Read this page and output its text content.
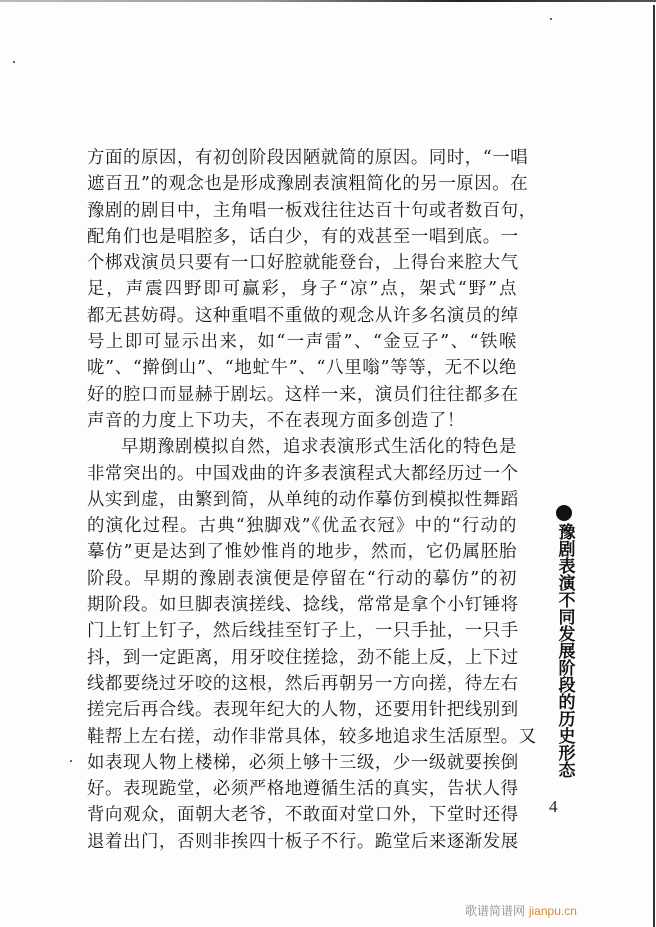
方面的原因，有初创阶段因陋就简的原因。同时，“一唱
遮百丑”的观念也是形成豫剧表演粗简化的另一原因。在
豫剧的剧目中，主角唱一板戏往往达百十句或者数百句，
配角们也是唱腔多，话白少，有的戏甚至一唱到底。一
个梆戏演员只要有一口好腔就能登台，上得台来腔大气
足，声震四野即可赢彩，身子“凉”点，架式“野”点
都无甚妨碍。这种重唱不重做的观念从许多名演员的绰
号上即可显示出来，如“一声雷”、“金豆子”、“铁喉
咙”、“擀倒山”、“地虻牛”、“八里嗡”等等，无不以绝
好的腔口而显赫于剧坛。这样一来，演员们往往都多在
声音的力度上下功夫，不在表现方面多创造了！
早期豫剧模拟自然，追求表演形式生活化的特色是
非常突出的。中国戏曲的许多表演程式大都经历过一个
从实到虚，由繁到简，从单纯的动作摹仿到模拟性舞蹈
的演化过程。古典“独脚戏”《优孟衣冠》中的“行动的
摹仿”更是达到了惟妙惟肖的地步，然而，它仍属胚胎
阶段。早期的豫剧表演便是停留在“行动的摹仿”的初
期阶段。如旦脚表演搓线、捻线，常常是拿个小钉锤将
门上钉上钉子，然后线挂至钉子上，一只手扯，一只手
抖，到一定距离，用牙咬住搓捻，劲不能上反，上下过
线都要绕过牙咬的这根，然后再朝另一方向搓，待左右
搓完后再合线。表现年纪大的人物，还要用针把线别到
鞋帮上左右搓，动作非常具体，较多地追求生活原型。又
如表现人物上楼梯，必须上够十三级，少一级就要挨倒
好。表现跪堂，必须严格地遵循生活的真实，告状人得
背向观众，面朝大老爷，不敢面对堂口外，下堂时还得
退着出门，否则非挨四十板子不行。跪堂后来逐渐发展
豫剧表演不同发展阶段的历史形态
4
歌谱简谱网 jianpu.cn
